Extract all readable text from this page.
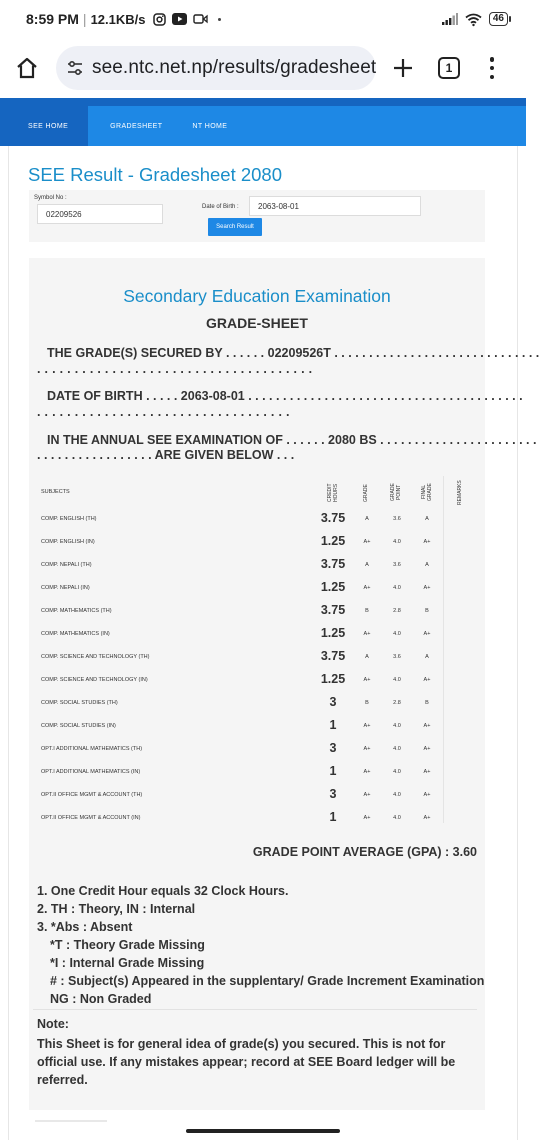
8:59 PM | 12.1KB/s	46
see.ntc.net.np/results/gradesheet	1
SEE HOME	GRADESHEET	NT HOME
SEE Result - Gradesheet 2080
Symbol No :
02209526
Date of Birth :	2063-08-01
Search Result
Secondary Education Examination
GRADE-SHEET
THE GRADE(S) SECURED BY . . . . . . 02209526T . . . . . . . . . . . . . . . . . . . . . . . . . . . . . .
. . . . . . . . . . . . . . . . . . . . . . . . . . . . . . . . . . . . .
DATE OF BIRTH . . . . . 2063-08-01 . . . . . . . . . . . . . . . . . . . . . . . . . . . . . . . . . . . . . . . .
. . . . . . . . . . . . . . . . . . . . . . . . . . . . . . . . . .
IN THE ANNUAL SEE EXAMINATION OF . . . . . . 2080 BS . . . . . . . . . . . . . . . . . . . . . . .
. . . . . . . . . . . . . . . . . ARE GIVEN BELOW . . .
SUBJECTS	CREDIT HOURS	GRADE	GRADE POINT	FINAL GRADE	REMARKS
COMP. ENGLISH (TH)	3.75	A	3.6	A
COMP. ENGLISH (IN)	1.25	A+	4.0	A+
COMP. NEPALI (TH)	3.75	A	3.6	A
COMP. NEPALI (IN)	1.25	A+	4.0	A+
COMP. MATHEMATICS (TH)	3.75	B	2.8	B
COMP. MATHEMATICS (IN)	1.25	A+	4.0	A+
COMP. SCIENCE AND TECHNOLOGY (TH)	3.75	A	3.6	A
COMP. SCIENCE AND TECHNOLOGY (IN)	1.25	A+	4.0	A+
COMP. SOCIAL STUDIES (TH)	3	B	2.8	B
COMP. SOCIAL STUDIES (IN)	1	A+	4.0	A+
OPT.I ADDITIONAL MATHEMATICS (TH)	3	A+	4.0	A+
OPT.I ADDITIONAL MATHEMATICS (IN)	1	A+	4.0	A+
OPT.II OFFICE MGMT & ACCOUNT (TH)	3	A+	4.0	A+
OPT.II OFFICE MGMT & ACCOUNT (IN)	1	A+	4.0	A+
GRADE POINT AVERAGE (GPA) : 3.60
1. One Credit Hour equals 32 Clock Hours.
2. TH : Theory, IN : Internal
3. *Abs : Absent
*T : Theory Grade Missing
*I : Internal Grade Missing
# : Subject(s) Appeared in the supplentary/ Grade Increment Examination
NG : Non Graded
Note:
This Sheet is for general idea of grade(s) you secured. This is not for official use. If any mistakes appear; record at SEE Board ledger will be referred.
